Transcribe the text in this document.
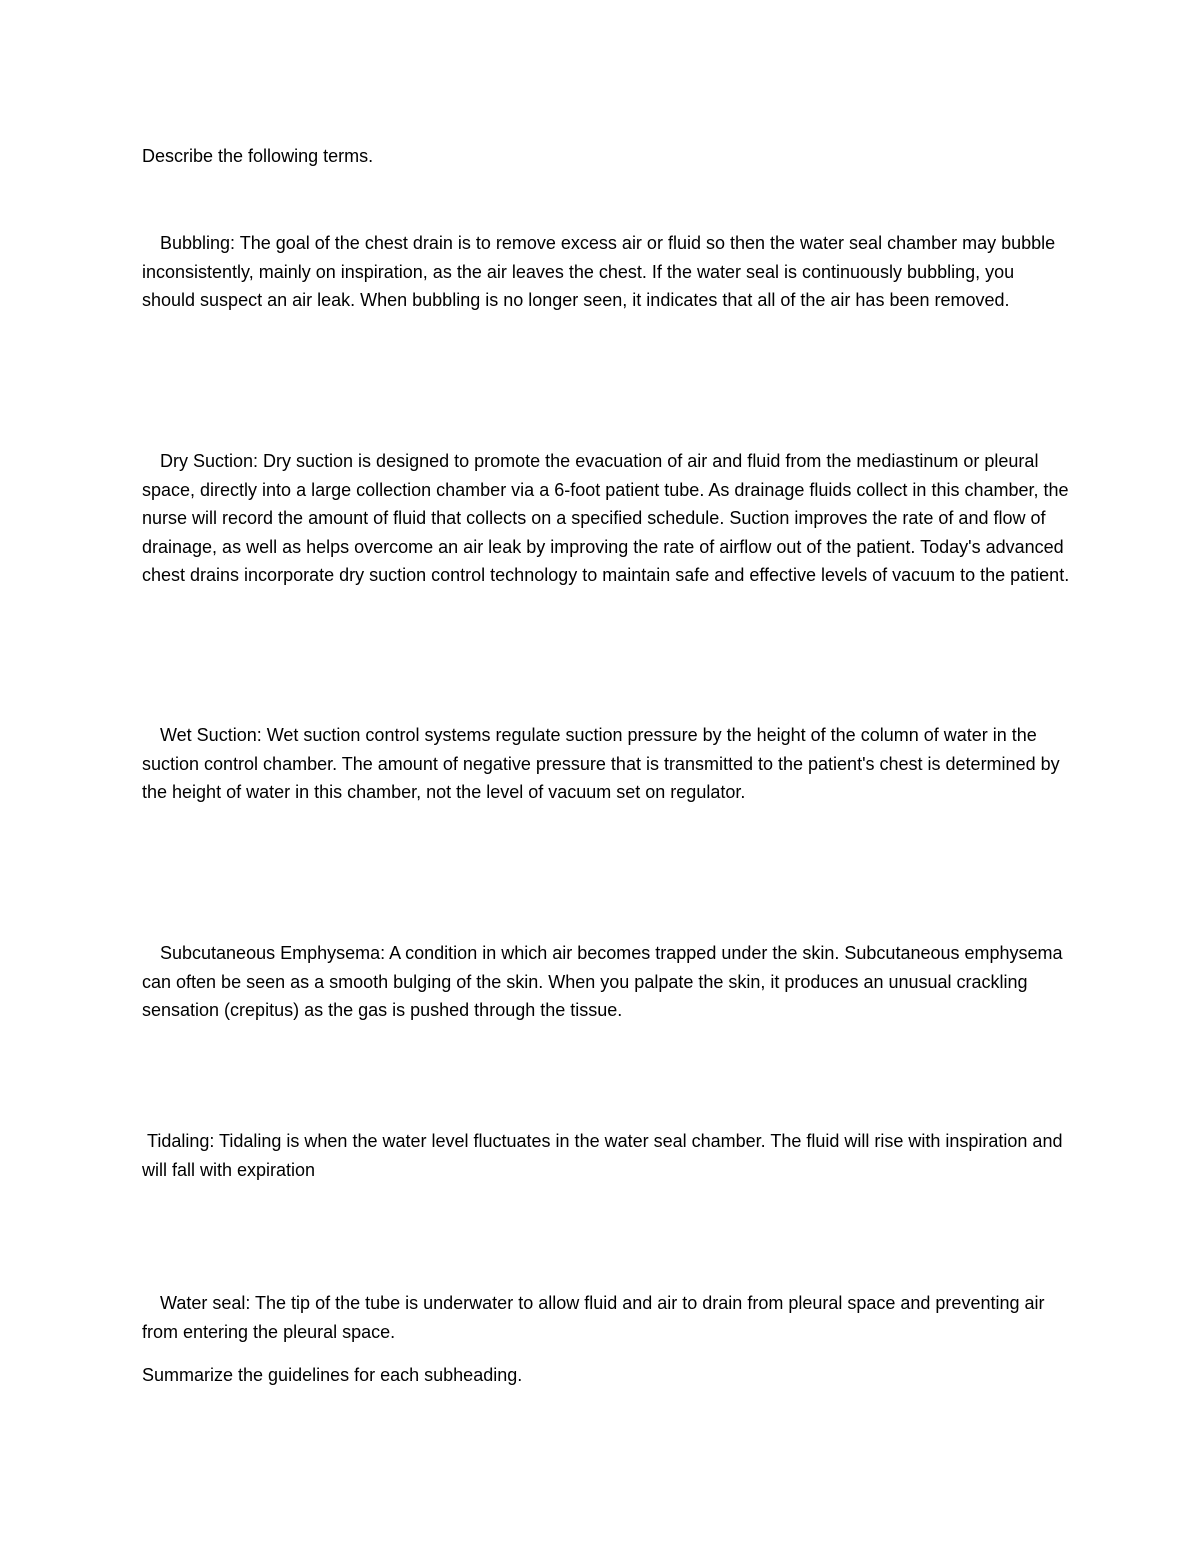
Describe the following terms.

Bubbling: The goal of the chest drain is to remove excess air or fluid so then the water seal chamber may bubble inconsistently, mainly on inspiration, as the air leaves the chest. If the water seal is continuously bubbling, you should suspect an air leak. When bubbling is no longer seen, it indicates that all of the air has been removed.

Dry Suction: Dry suction is designed to promote the evacuation of air and fluid from the mediastinum or pleural space, directly into a large collection chamber via a 6-foot patient tube. As drainage fluids collect in this chamber, the nurse will record the amount of fluid that collects on a specified schedule. Suction improves the rate of and flow of drainage, as well as helps overcome an air leak by improving the rate of airflow out of the patient. Today's advanced chest drains incorporate dry suction control technology to maintain safe and effective levels of vacuum to the patient.

Wet Suction: Wet suction control systems regulate suction pressure by the height of the column of water in the suction control chamber. The amount of negative pressure that is transmitted to the patient's chest is determined by the height of water in this chamber, not the level of vacuum set on regulator.

Subcutaneous Emphysema: A condition in which air becomes trapped under the skin. Subcutaneous emphysema can often be seen as a smooth bulging of the skin. When you palpate the skin, it produces an unusual crackling sensation (crepitus) as the gas is pushed through the tissue.

Tidaling: Tidaling is when the water level fluctuates in the water seal chamber. The fluid will rise with inspiration and will fall with expiration

Water seal: The tip of the tube is underwater to allow fluid and air to drain from pleural space and preventing air from entering the pleural space.

Summarize the guidelines for each subheading.
